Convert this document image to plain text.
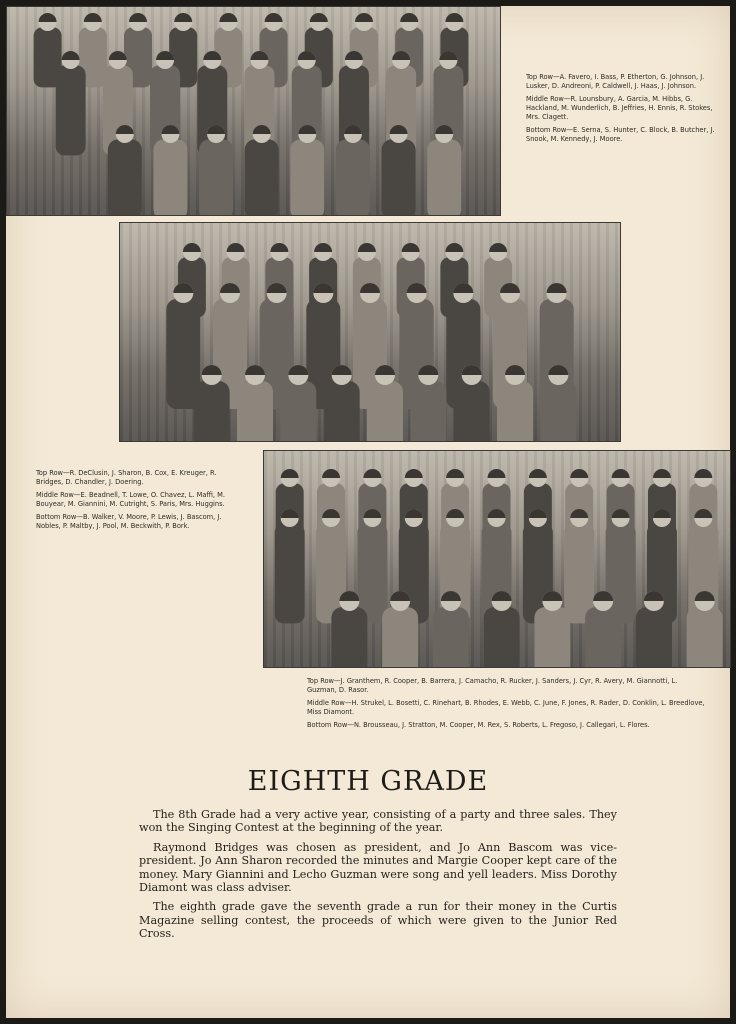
Top Row—A. Favero, I. Bass, P. Etherton, G. Johnson, J. Lusker, D. Andreoni, P. Caldwell, J. Haas, J. Johnson.

Middle Row—R. Lounsbury, A. Garcia, M. Hibbs, G. Hackland, M. Wunderlich, B. Jeffries, H. Ennis, R. Stokes, Mrs. Clagett.

Bottom Row—E. Serna, S. Hunter, C. Block, B. Butcher, J. Snook, M. Kennedy, J. Moore.

Top Row—R. DeClusin, J. Sharon, B. Cox, E. Kreuger, R. Bridges, D. Chandler, J. Doering.

Middle Row—E. Beadnell, T. Lowe, O. Chavez, L. Maffi, M. Bouyear, M. Giannini, M. Cutright, S. Paris, Mrs. Huggins.

Bottom Row—B. Walker, V. Moore, P. Lewis, J. Bascom, J. Nobles, P. Maltby, J. Pool, M. Beckwith, P. Bork.

Top Row—J. Granthem, R. Cooper, B. Barrera, J. Camacho, R. Rucker, J. Sanders, J. Cyr, R. Avery, M. Giannotti, L. Guzman, D. Rasor.

Middle Row—H. Strukel, L. Bosetti, C. Rinehart, B. Rhodes, E. Webb, C. June, F. Jones, R. Rader, D. Conklin, L. Breedlove, Miss Diamont.

Bottom Row—N. Brousseau, J. Stratton, M. Cooper, M. Rex, S. Roberts, L. Fregoso, J. Callegari, L. Flores.

EIGHTH GRADE

The 8th Grade had a very active year, consisting of a party and three sales. They won the Singing Contest at the beginning of the year.

Raymond Bridges was chosen as president, and Jo Ann Bascom was vice-president. Jo Ann Sharon recorded the minutes and Margie Cooper kept care of the money. Mary Giannini and Lecho Guzman were song and yell leaders. Miss Dorothy Diamont was class adviser.

The eighth grade gave the seventh grade a run for their money in the Curtis Magazine selling contest, the proceeds of which were given to the Junior Red Cross.
